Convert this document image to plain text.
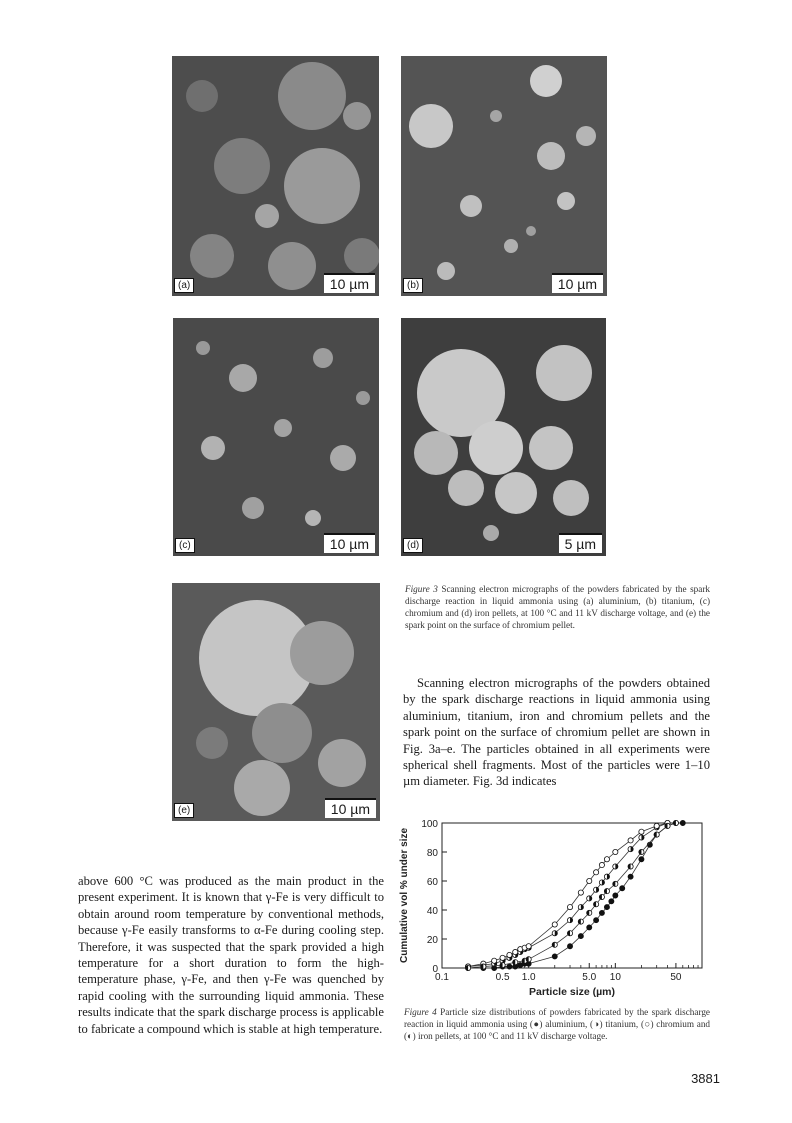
(a)	10 µm	(b)	10 µm
(c)	10 µm	(d)	5 µm
(e)	10 µm
Figure 3 Scanning electron micrographs of the powders fabricated by the spark discharge reaction in liquid ammonia using (a) aluminium, (b) titanium, (c) chromium and (d) iron pellets, at 100 °C and 11 kV discharge voltage, and (e) the spark point on the surface of chromium pellet.

Scanning electron micrographs of the powders obtained by the spark discharge reactions in liquid ammonia using aluminium, titanium, iron and chromium pellets and the spark point on the surface of chromium pellet are shown in Fig. 3a–e. The particles obtained in all experiments were spherical shell fragments. Most of the particles were 1–10 µm diameter. Fig. 3d indicates

above 600 °C was produced as the main product in the present experiment. It is known that γ-Fe is very difficult to obtain around room temperature by conventional methods, because γ-Fe easily transforms to α-Fe during cooling step. Therefore, it was suspected that the spark provided a high temperature for a short duration to form the high-temperature phase, γ-Fe, and then γ-Fe was quenched by rapid cooling with the surrounding liquid ammonia. These results indicate that the spark discharge process is applicable to fabricate a compound which is stable at high temperature.

0
20
40
60
80
100
0.1	0.5 1.0	5.0 10	50
Particle size (µm)
Cumulative vol % under size
Figure 4 Particle size distributions of powders fabricated by the spark discharge reaction in liquid ammonia using (●) aluminium, (◑) titanium, (○) chromium and (◐) iron pellets, at 100 °C and 11 kV discharge voltage.
3881
